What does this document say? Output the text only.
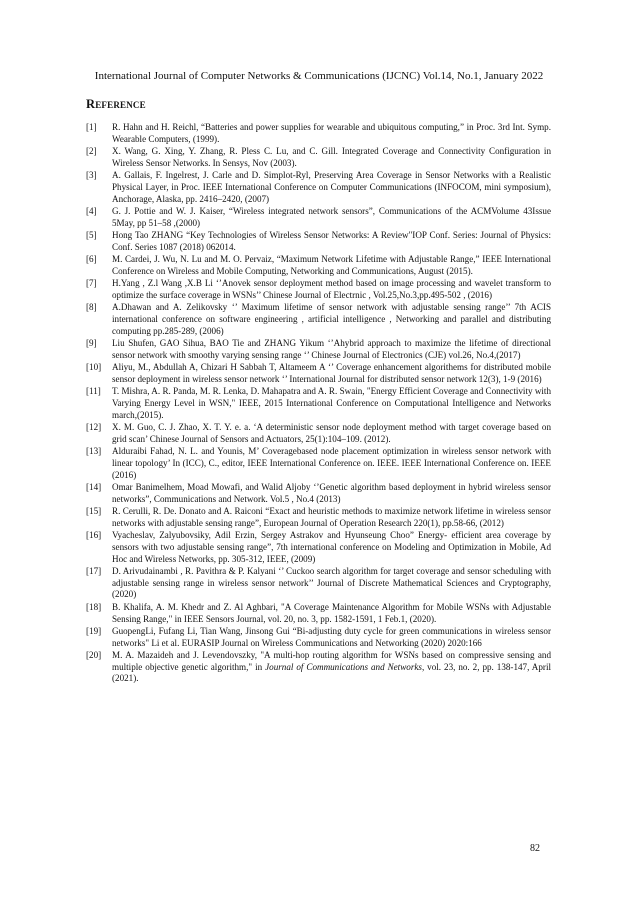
International Journal of Computer Networks & Communications (IJCNC) Vol.14, No.1, January 2022
Reference
[1]	R. Hahn and H. Reichl, “Batteries and power supplies for wearable and ubiquitous computing,” in Proc. 3rd Int. Symp. Wearable Computers, (1999).
[2]	X. Wang, G. Xing, Y. Zhang, R. Pless C. Lu, and C. Gill. Integrated Coverage and Connectivity Configuration in Wireless Sensor Networks. In Sensys, Nov (2003).
[3]	A. Gallais, F. Ingelrest, J. Carle and D. Simplot-Ryl, Preserving Area Coverage in Sensor Networks with a Realistic Physical Layer, in Proc. IEEE International Conference on Computer Communications (INFOCOM, mini symposium), Anchorage, Alaska, pp. 2416–2420, (2007)
[4]	G. J. Pottie and W. J. Kaiser, “Wireless integrated network sensors”, Communications of the ACMVolume 43Issue 5May, pp 51–58 ,(2000)
[5]	Hong Tao ZHANG “Key Technologies of Wireless Sensor Networks: A Review"IOP Conf. Series: Journal of Physics: Conf. Series 1087 (2018) 062014.
[6]	M. Cardei, J. Wu, N. Lu and M. O. Pervaiz, “Maximum Network Lifetime with Adjustable Range,” IEEE International Conference on Wireless and Mobile Computing, Networking and Communications, August (2015).
[7]	H.Yang , Z.l Wang ,X.B Li ‘’Anovek sensor deployment method based on image processing and wavelet transform to optimize the surface coverage in WSNs’’ Chinese Journal of Electrnic , Vol.25,No.3,pp.495-502 , (2016)
[8]	A.Dhawan and A. Zelikovsky ‘’ Maximum lifetime of sensor network with adjustable sensing range’’ 7th ACIS international conference on software engineering , artificial intelligence , Networking and parallel and distributing computing pp.285-289, (2006)
[9]	Liu Shufen, GAO Sihua, BAO Tie and ZHANG Yikum ‘’Ahybrid approach to maximize the lifetime of directional sensor network with smoothy varying sensing range ‘’ Chinese Journal of Electronics (CJE) vol.26, No.4,(2017)
[10]	Aliyu, M., Abdullah A, Chizari H Sabbah T, Altameem A ‘’ Coverage enhancement algorithems for distributed mobile sensor deployment in wireless sensor network ‘’ International Journal for distributed sensor network 12(3), 1-9 (2016)
[11]	T. Mishra, A. R. Panda, M. R. Lenka, D. Mahapatra and A. R. Swain, "Energy Efficient Coverage and Connectivity with Varying Energy Level in WSN," IEEE, 2015 International Conference on Computational Intelligence and Networks march,(2015).
[12]	X. M. Guo, C. J. Zhao, X. T. Y. e. a. ‘A deterministic sensor node deployment method with target coverage based on grid scan’ Chinese Journal of Sensors and Actuators, 25(1):104–109. (2012).
[13]	Alduraibi Fahad, N. L. and Younis, M’ Coveragebased node placement optimization in wireless sensor network with linear topology’ In (ICC), C., editor, IEEE International Conference on. IEEE. IEEE International Conference on. IEEE (2016)
[14]	Omar Banimelhem, Moad Mowafi, and Walid Aljoby ‘’Genetic algorithm based deployment in hybrid wireless sensor networks”, Communications and Network. Vol.5 , No.4 (2013)
[15]	R. Cerulli, R. De. Donato and A. Raiconi “Exact and heuristic methods to maximize network lifetime in wireless sensor networks with adjustable sensing range”, European Journal of Operation Research 220(1), pp.58-66, (2012)
[16]	Vyacheslav, Zalyubovsiky, Adil Erzin, Sergey Astrakov and Hyunseung Choo” Energy- efficient area coverage by sensors with two adjustable sensing range”, 7th international conference on Modeling and Optimization in Mobile, Ad Hoc and Wireless Networks, pp. 305-312, IEEE, (2009)
[17]	D. Arivudainambi , R. Pavithra & P. Kalyani ‘’ Cuckoo search algorithm for target coverage and sensor scheduling with adjustable sensing range in wireless sensor network’’ Journal of Discrete Mathematical Sciences and Cryptography, (2020)
[18]	B. Khalifa, A. M. Khedr and Z. Al Aghbari, "A Coverage Maintenance Algorithm for Mobile WSNs with Adjustable Sensing Range," in IEEE Sensors Journal, vol. 20, no. 3, pp. 1582-1591, 1 Feb.1, (2020).
[19]	GuopengLi, Fufang Li, Tian Wang, Jinsong Gui “Bi-adjusting duty cycle for green communications in wireless sensor networks" Li et al. EURASIP Journal on Wireless Communications and Networking (2020) 2020:166
[20]	M. A. Mazaideh and J. Levendovszky, "A multi-hop routing algorithm for WSNs based on compressive sensing and multiple objective genetic algorithm," in Journal of Communications and Networks, vol. 23, no. 2, pp. 138-147, April (2021).
82
